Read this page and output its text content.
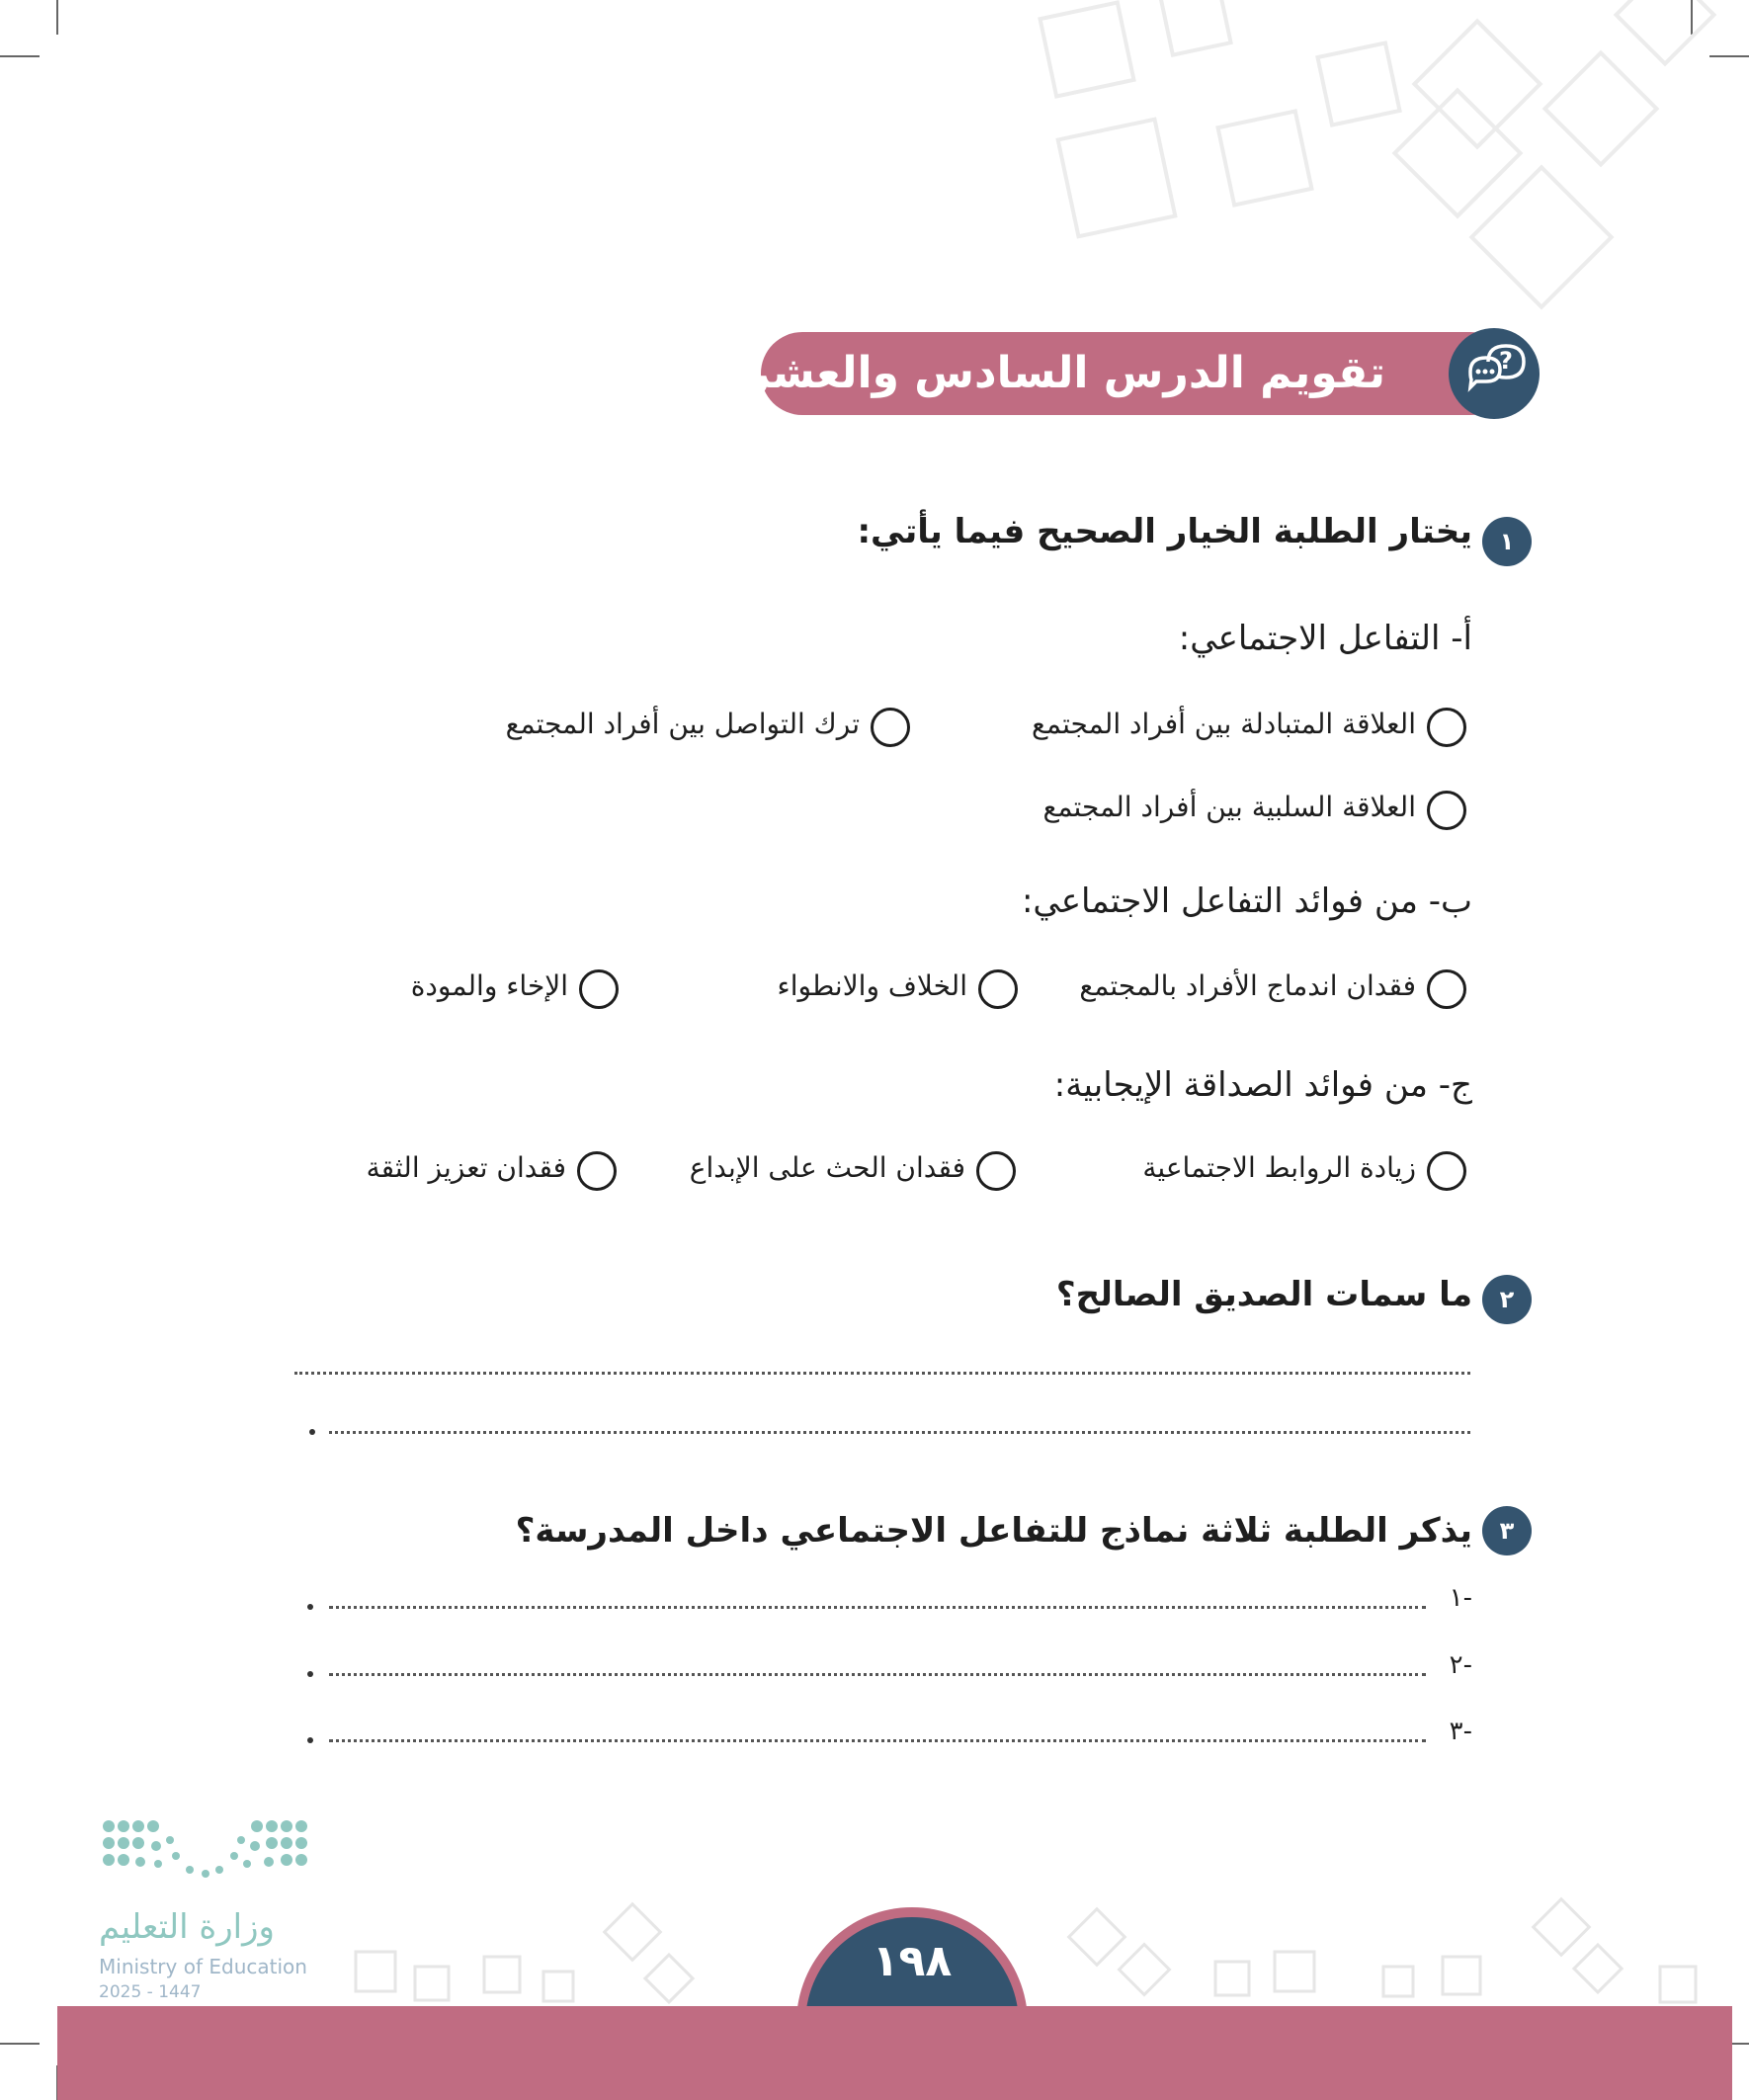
تقويم الدرس السادس والعشرين	?
١
يختار الطلبة الخيار الصحيح فيما يأتي:
أ- التفاعل الاجتماعي:
العلاقة المتبادلة بين أفراد المجتمع
ترك التواصل بين أفراد المجتمع
العلاقة السلبية بين أفراد المجتمع
ب- من فوائد التفاعل الاجتماعي:
فقدان اندماج الأفراد بالمجتمع
الخلاف والانطواء
الإخاء والمودة
ج- من فوائد الصداقة الإيجابية:
زيادة الروابط الاجتماعية
فقدان الحث على الإبداع
فقدان تعزيز الثقة
٢
ما سمات الصديق الصالح؟
٣
يذكر الطلبة ثلاثة نماذج للتفاعل الاجتماعي داخل المدرسة؟
-١
-٢
-٣
وزارة التعليم
Ministry of Education
2025 - 1447
١٩٨
